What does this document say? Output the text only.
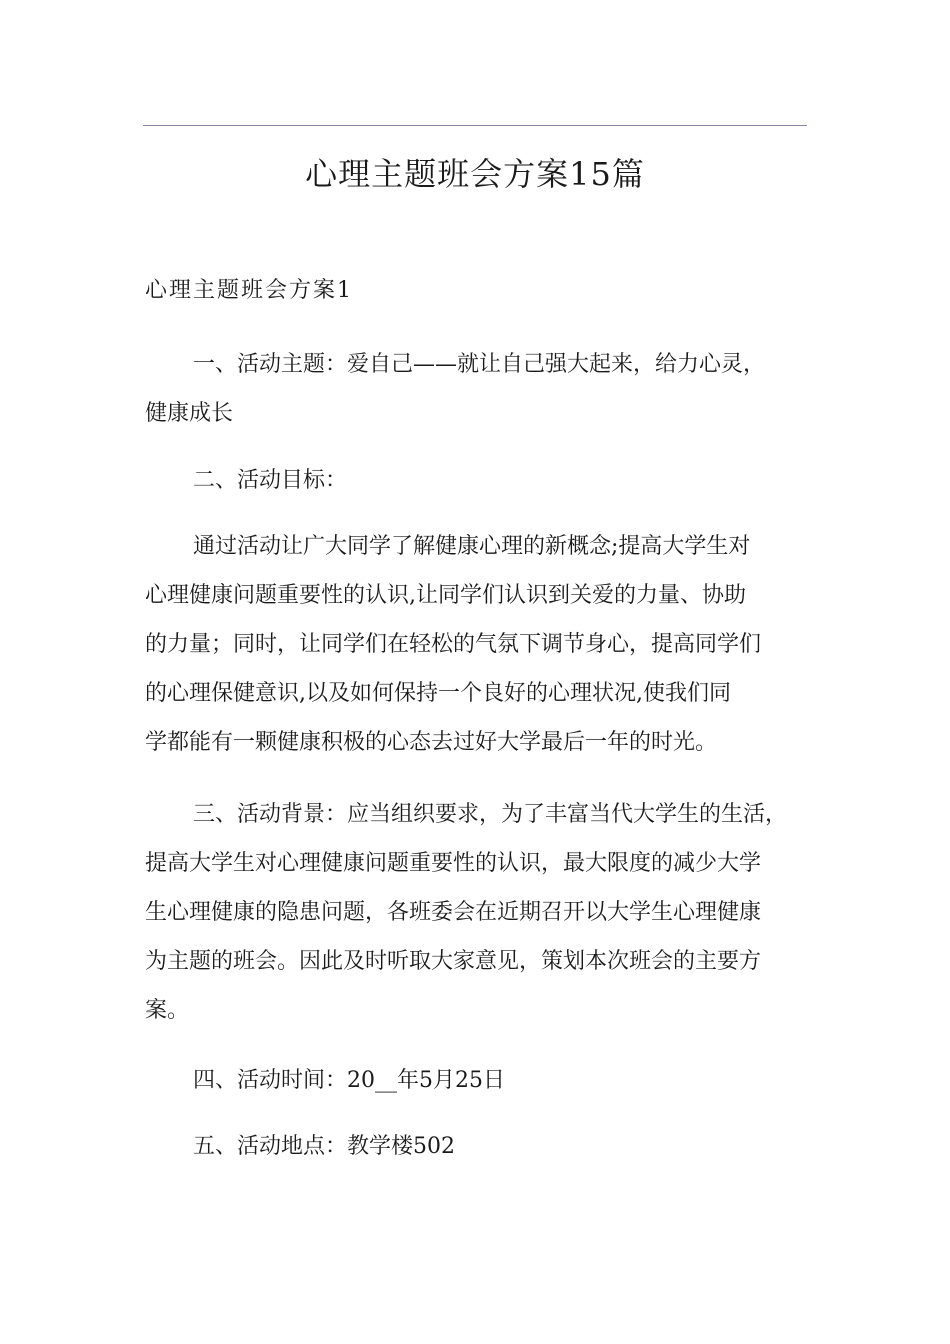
心理主题班会方案15篇
心理主题班会方案1
一、活动主题：爱自己——就让自己强大起来，给力心灵，
健康成长
二、活动目标：
通过活动让广大同学了解健康心理的新概念;提高大学生对
心理健康问题重要性的认识,让同学们认识到关爱的力量、协助
的力量；同时，让同学们在轻松的气氛下调节身心，提高同学们
的心理保健意识,以及如何保持一个良好的心理状况,使我们同
学都能有一颗健康积极的心态去过好大学最后一年的时光。
三、活动背景：应当组织要求，为了丰富当代大学生的生活，
提高大学生对心理健康问题重要性的认识，最大限度的减少大学
生心理健康的隐患问题，各班委会在近期召开以大学生心理健康
为主题的班会。因此及时听取大家意见，策划本次班会的主要方
案。
四、活动时间：20__年5月25日
五、活动地点：教学楼502
